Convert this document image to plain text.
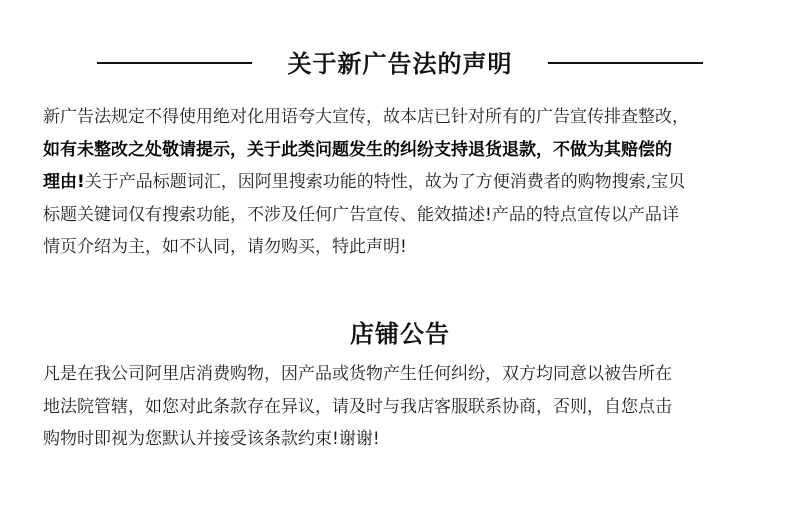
关于新广告法的声明
新广告法规定不得使用绝对化用语夸大宣传，故本店已针对所有的广告宣传排查整改，
如有未整改之处敬请提示，关于此类问题发生的纠纷支持退货退款，不做为其赔偿的
理由!关于产品标题词汇，因阿里搜索功能的特性，故为了方便消费者的购物搜索,宝贝
标题关键词仅有搜索功能，不涉及任何广告宣传、能效描述!产品的特点宣传以产品详
情页介绍为主，如不认同，请勿购买，特此声明!
店铺公告
凡是在我公司阿里店消费购物，因产品或货物产生任何纠纷，双方均同意以被告所在
地法院管辖，如您对此条款存在异议，请及时与我店客服联系协商，否则，自您点击
购物时即视为您默认并接受该条款约束!谢谢!
